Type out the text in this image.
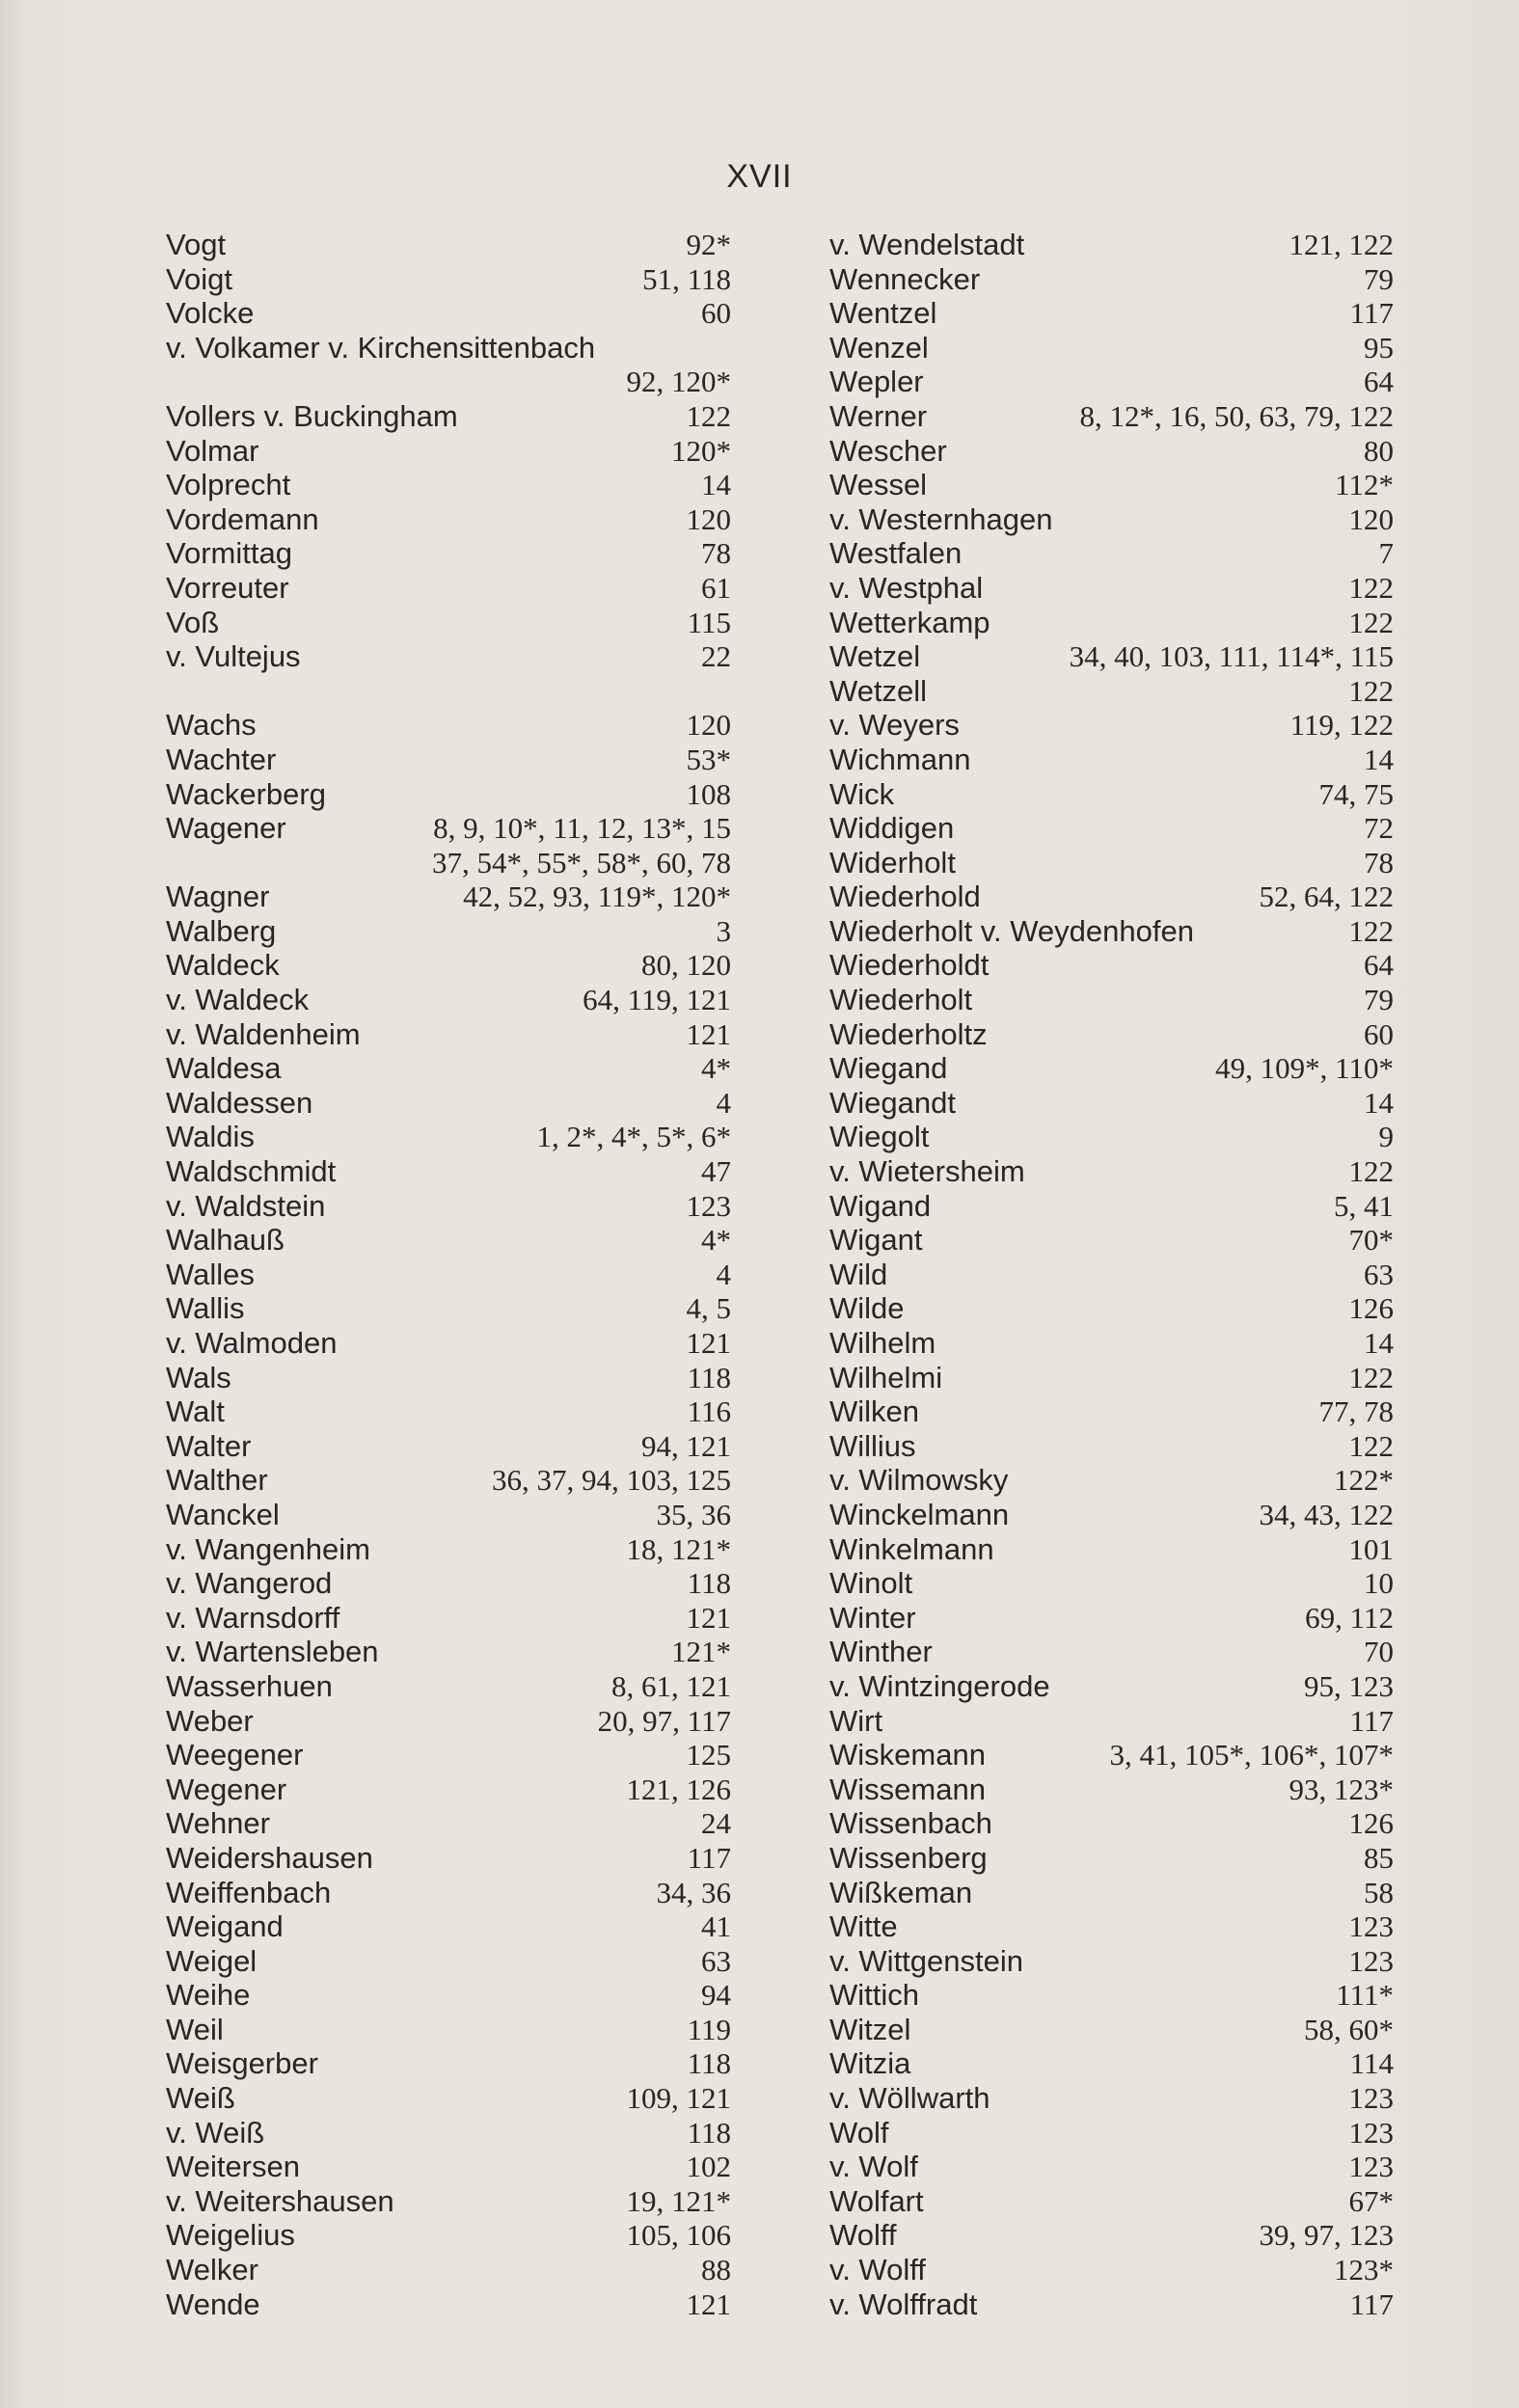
XVII
Vogt	92*
Voigt	51, 118
Volcke	60
v. Volkamer v. Kirchensittenbach
92, 120*
Vollers v. Buckingham	122
Volmar	120*
Volprecht	14
Vordemann	120
Vormittag	78
Vorreuter	61
Voß	115
v. Vultejus	22
Wachs	120
Wachter	53*
Wackerberg	108
Wagener	8, 9, 10*, 11, 12, 13*, 15
37, 54*, 55*, 58*, 60, 78
Wagner	42, 52, 93, 119*, 120*
Walberg	3
Waldeck	80, 120
v. Waldeck	64, 119, 121
v. Waldenheim	121
Waldesa	4*
Waldessen	4
Waldis	1, 2*, 4*, 5*, 6*
Waldschmidt	47
v. Waldstein	123
Walhauß	4*
Walles	4
Wallis	4, 5
v. Walmoden	121
Wals	118
Walt	116
Walter	94, 121
Walther	36, 37, 94, 103, 125
Wanckel	35, 36
v. Wangenheim	18, 121*
v. Wangerod	118
v. Warnsdorff	121
v. Wartensleben	121*
Wasserhuen	8, 61, 121
Weber	20, 97, 117
Weegener	125
Wegener	121, 126
Wehner	24
Weidershausen	117
Weiffenbach	34, 36
Weigand	41
Weigel	63
Weihe	94
Weil	119
Weisgerber	118
Weiß	109, 121
v. Weiß	118
Weitersen	102
v. Weitershausen	19, 121*
Weigelius	105, 106
Welker	88
Wende	121
v. Wendelstadt	121, 122
Wennecker	79
Wentzel	117
Wenzel	95
Wepler	64
Werner	8, 12*, 16, 50, 63, 79, 122
Wescher	80
Wessel	112*
v. Westernhagen	120
Westfalen	7
v. Westphal	122
Wetterkamp	122
Wetzel	34, 40, 103, 111, 114*, 115
Wetzell	122
v. Weyers	119, 122
Wichmann	14
Wick	74, 75
Widdigen	72
Widerholt	78
Wiederhold	52, 64, 122
Wiederholt v. Weydenhofen	122
Wiederholdt	64
Wiederholt	79
Wiederholtz	60
Wiegand	49, 109*, 110*
Wiegandt	14
Wiegolt	9
v. Wietersheim	122
Wigand	5, 41
Wigant	70*
Wild	63
Wilde	126
Wilhelm	14
Wilhelmi	122
Wilken	77, 78
Willius	122
v. Wilmowsky	122*
Winckelmann	34, 43, 122
Winkelmann	101
Winolt	10
Winter	69, 112
Winther	70
v. Wintzingerode	95, 123
Wirt	117
Wiskemann	3, 41, 105*, 106*, 107*
Wissemann	93, 123*
Wissenbach	126
Wissenberg	85
Wißkeman	58
Witte	123
v. Wittgenstein	123
Wittich	111*
Witzel	58, 60*
Witzia	114
v. Wöllwarth	123
Wolf	123
v. Wolf	123
Wolfart	67*
Wolff	39, 97, 123
v. Wolff	123*
v. Wolffradt	117
